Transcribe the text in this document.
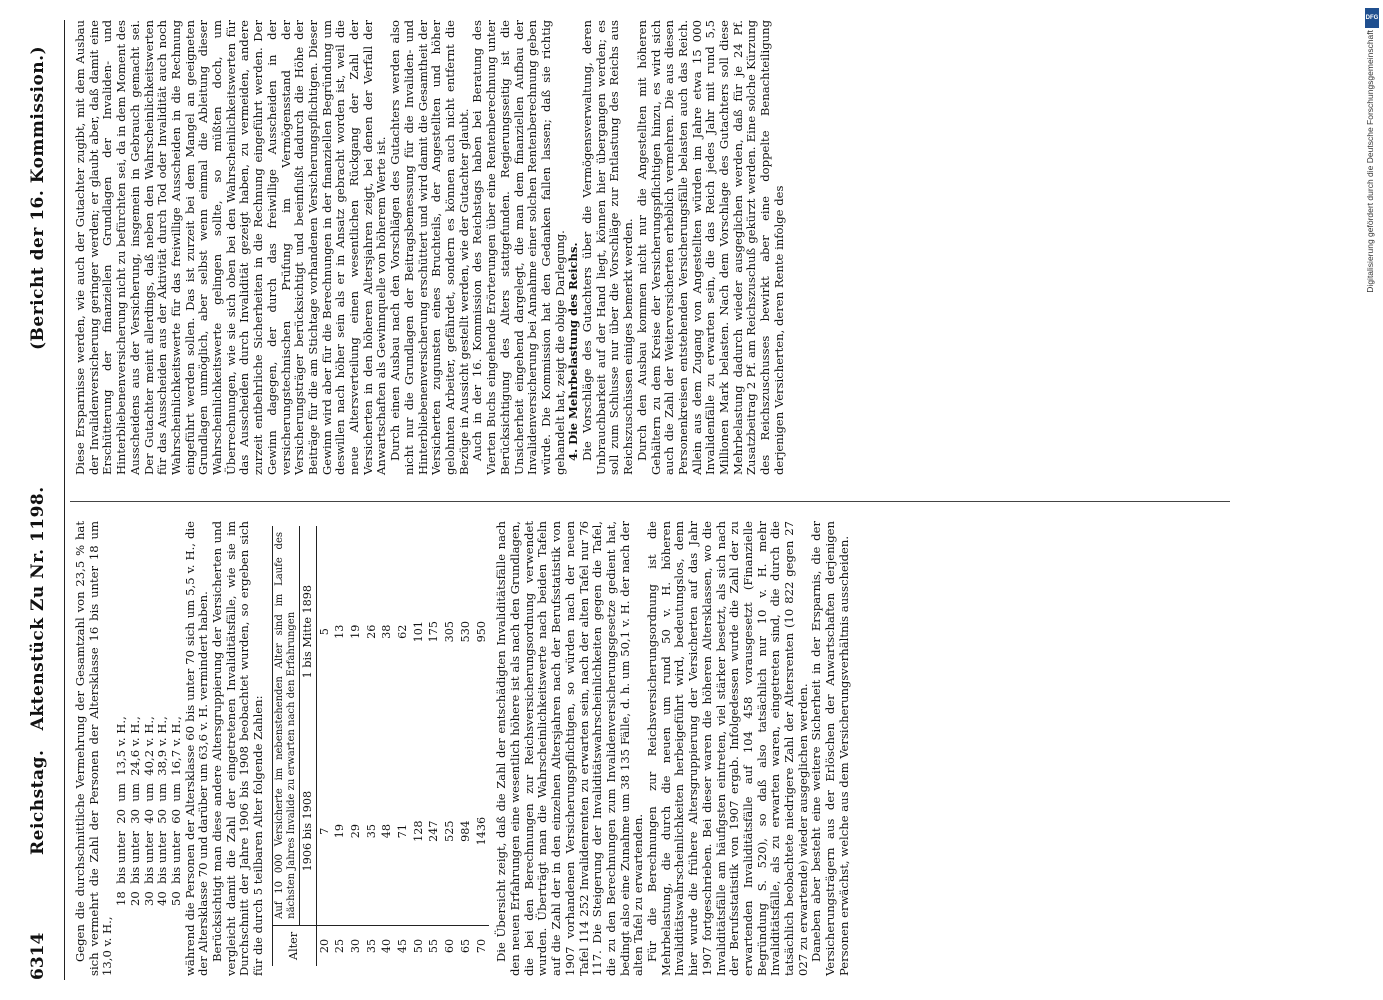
6314
Reichstag.   Aktenstück Zu Nr. 1198.
(Bericht der 16. Kommission.)

Gegen die durchschnittliche Vermehrung der Gesamtzahl von 23,5 % hat sich vermehrt die Zahl der Personen der Altersklasse 16 bis unter 18 um 13,0 v. H.,

18  bis unter  20  um  13,5 v. H.,
20  bis unter  30  um  24,6 v. H.,
30  bis unter  40  um  40,2 v. H.,
40  bis unter  50  um  38,9 v. H.,
50  bis unter  60  um  16,7 v. H., während die Personen der Altersklasse 60 bis unter 70 sich um 5,5 v. H., die der Altersklasse 70 und darüber um 63,6 v. H. vermindert haben. Berücksichtigt man diese andere Altersgruppierung der Versicherten und vergleicht damit die Zahl der eingetretenen Invaliditätsfälle, wie sie im Durchschnitt der Jahre 1906 bis 1908 beobachtet wurden, so ergeben sich für die durch 5 teilbaren Alter folgende Zahlen: Alter	Auf 10 000 Versicherte im nebenstehenden Alter sind im Laufe des nächsten Jahres Invalide zu erwarten nach den Erfahrungen	
	1906 bis 1908	1 bis Mitte 1898
20	7	5
25	19	13
30	29	19
35	35	26
40	48	38
45	71	62
50	128	101
55	247	175
60	525	305
65	984	530
70	1436	950 Die Übersicht zeigt, daß die Zahl der entschädigten Invaliditätsfälle nach den neuen Erfahrungen eine wesentlich höhere ist als nach den Grundlagen, die bei den Berechnungen zur Reichsversicherungsordnung verwendet wurden. Überträgt man die Wahrscheinlichkeitswerte nach beiden Tafeln auf die Zahl der in den einzelnen Altersjahren nach der Berufsstatistik von 1907 vorhandenen Versicherungspflichtigen, so würden nach der neuen Tafel 114 252 Invalidenrenten zu erwarten sein, nach der alten Tafel nur 76 117. Die Steigerung der Invaliditätswahrscheinlichkeiten gegen die Tafel, die zu den Berechnungen zum Invalidenversicherungsgesetze gedient hat, bedingt also eine Zunahme um 38 135 Fälle, d. h. um 50,1 v. H. der nach der alten Tafel zu erwartenden. Für die Berechnungen zur Reichsversicherungsordnung ist die Mehrbelastung, die durch die neuen um rund 50 v. H. höheren Invaliditätswahrscheinlichkeiten herbeigeführt wird, bedeutungslos, denn hier wurde die frühere Altersgruppierung der Versicherten auf das Jahr 1907 fortgeschrieben. Bei dieser waren die höheren Altersklassen, wo die Invaliditätsfälle am häufigsten eintreten, viel stärker besetzt, als sich nach der Berufsstatistik von 1907 ergab. Infolgedessen wurde die Zahl der zu erwartenden Invaliditätsfälle auf 104 458 vorausgesetzt (Finanzielle Begründung S. 520), so daß also tatsächlich nur 10 v. H. mehr Invaliditätsfälle, als zu erwarten waren, eingetreten sind, die durch die tatsächlich beobachtete niedrigere Zahl der Altersrenten (10 822 gegen 27 027 zu erwartende) wieder ausgeglichen werden. Daneben aber besteht eine weitere Sicherheit in der Ersparnis, die der Versicherungsträgern aus der Erlöschen der Anwartschaften derjenigen Personen erwächst, welche aus dem Versicherungsverhältnis ausscheiden.

Diese Ersparnisse werden, wie auch der Gutachter zugibt, mit dem Ausbau der Invalidenversicherung geringer werden; er glaubt aber, daß damit eine Erschütterung der finanziellen Grundlagen der Invaliden- und Hinterbliebenenversicherung nicht zu befürchten sei, da in dem Moment des Ausscheidens aus der Versicherung, insgemein in Gebrauch gemacht sei. Der Gutachter meint allerdings, daß neben den Wahrscheinlichkeitswerten für das Ausscheiden aus der Aktivität durch Tod oder Invalidität auch noch Wahrscheinlichkeitswerte für das freiwillige Ausscheiden in die Rechnung eingeführt werden sollen. Das ist zurzeit bei dem Mangel an geeigneten Grundlagen unmöglich, aber selbst wenn einmal die Ableitung dieser Wahrscheinlichkeitswerte gelingen sollte, so müßten doch, um Überrechnungen, wie sie sich oben bei den Wahrscheinlichkeitswerten für das Ausscheiden durch Invalidität gezeigt haben, zu vermeiden, andere zurzeit entbehrliche Sicherheiten in die Rechnung eingeführt werden. Der Gewinn dagegen, der durch das freiwillige Ausscheiden in der versicherungstechnischen Prüfung im Vermögensstand der Versicherungsträger berücksichtigt und beeinflußt dadurch die Höhe der Beiträge für die am Stichtage vorhandenen Versicherungspflichtigen. Dieser Gewinn wird aber für die Berechnungen in der finanziellen Begründung um deswillen nach höher sein als er in Ansatz gebracht worden ist, weil die neue Altersverteilung einen wesentlichen Rückgang der Zahl der Versicherten in den höheren Altersjahren zeigt, bei denen der Verfall der Anwartschaften als Gewinnquelle von höherem Werte ist. Durch einen Ausbau nach den Vorschlägen des Gutachters werden also nicht nur die Grundlagen der Beitragsbemessung für die Invaliden- und Hinterbliebenenversicherung erschüttert und wird damit die Gesamtheit der Versicherten zugunsten eines Bruchteils, der Angestellten und höher gelohnten Arbeiter, gefährdet, sondern es können auch nicht entfernt die Bezüge in Aussicht gestellt werden, wie der Gutachter glaubt. Auch in der 16. Kommission des Reichstags haben bei Beratung des Vierten Buchs eingehende Erörterungen über eine Rentenberechnung unter Berücksichtigung des Alters stattgefunden. Regierungsseitig ist die Unsicherheit eingehend dargelegt, die man dem finanziellen Aufbau der Invalidenversicherung bei Annahme einer solchen Rentenberechnung geben würde. Die Kommission hat den Gedanken fallen lassen; daß sie richtig gehandelt hat, zeigt die obige Darlegung. 4. Die Mehrbelastung des Reichs. Die Vorschläge des Gutachters über die Vermögensverwaltung, deren Unbrauchbarkeit auf der Hand liegt, können hier übergangen werden; es soll zum Schlusse nur über die Vorschläge zur Entlastung des Reichs aus Reichszuschüssen einiges bemerkt werden. Durch den Ausbau kommen nicht nur die Angestellten mit höheren Gehältern zu dem Kreise der Versicherungspflichtigen hinzu, es wird sich auch die Zahl der Weiterversicherten erheblich vermehren. Die aus diesen Personenkreisen entstehenden Versicherungsfälle belasten auch das Reich. Allein aus dem Zugang von Angestellten würden im Jahre etwa 15 000 Invalidenfälle zu erwarten sein, die das Reich jedes Jahr mit rund 5,5 Millionen Mark belasten. Nach dem Vorschlage des Gutachters soll diese Mehrbelastung dadurch wieder ausgeglichen werden, daß für je 24 Pf. Zusatzbeitrag 2 Pf. am Reichszuschuß gekürzt werden. Eine solche Kürzung des Reichszuschusses bewirkt aber eine doppelte Benachteiligung derjenigen Versicherten, deren Rente infolge des

DFG
Digitalisierung gefördert durch die Deutsche Forschungsgemeinschaft
